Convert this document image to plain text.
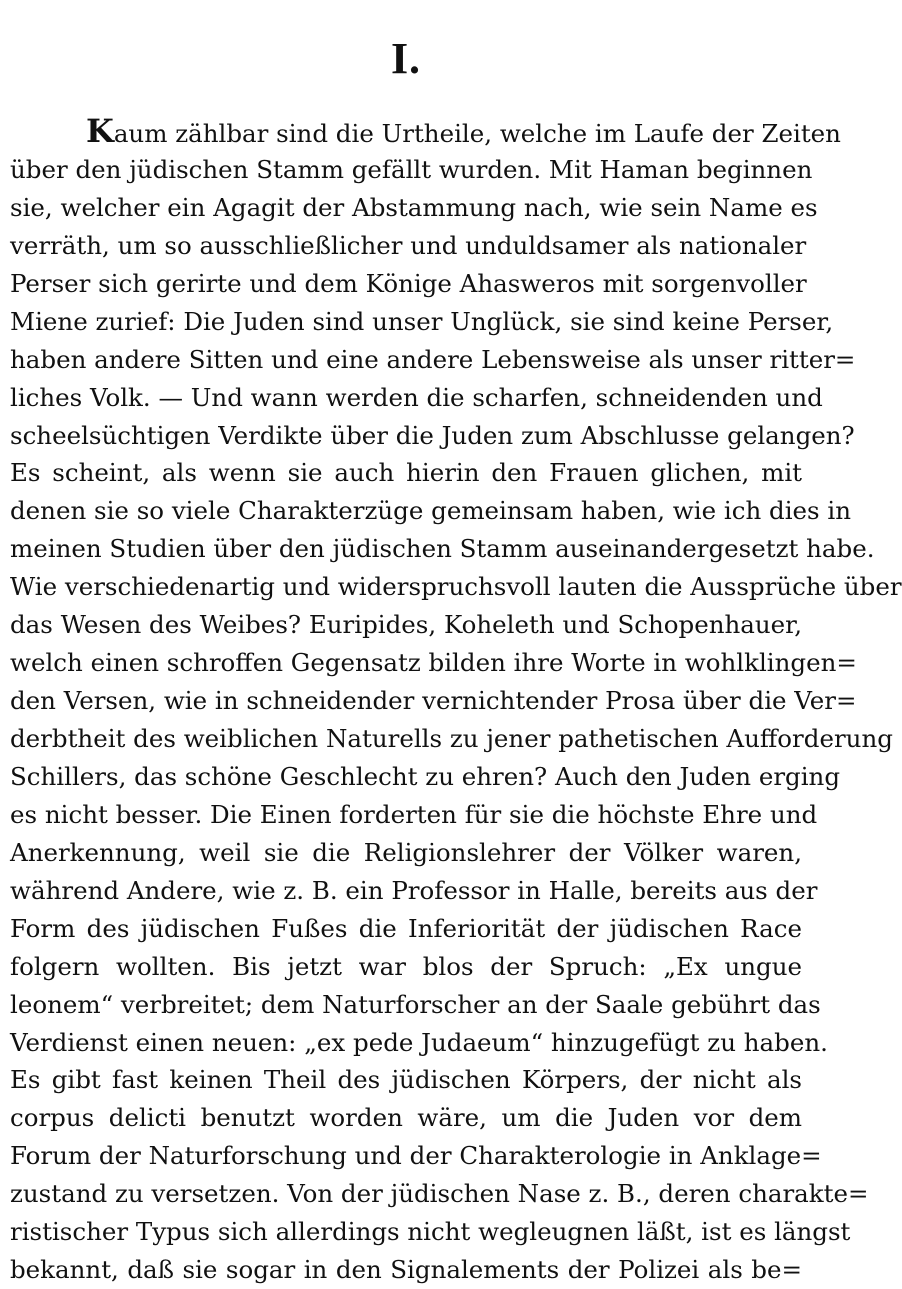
I.
Kaum zählbar sind die Urtheile, welche im Laufe der Zeiten
über den jüdischen Stamm gefällt wurden. Mit Haman beginnen
sie, welcher ein Agagit der Abstammung nach, wie sein Name es
verräth, um so ausschließlicher und unduldsamer als nationaler
Perser sich gerirte und dem Könige Ahasweros mit sorgenvoller
Miene zurief: Die Juden sind unser Unglück, sie sind keine Perser,
haben andere Sitten und eine andere Lebensweise als unser ritter=
liches Volk. — Und wann werden die scharfen, schneidenden und
scheelsüchtigen Verdikte über die Juden zum Abschlusse gelangen?
Es scheint, als wenn sie auch hierin den Frauen glichen, mit
denen sie so viele Charakterzüge gemeinsam haben, wie ich dies in
meinen Studien über den jüdischen Stamm auseinandergesetzt habe.
Wie verschiedenartig und widerspruchsvoll lauten die Aussprüche über
das Wesen des Weibes? Euripides, Koheleth und Schopenhauer,
welch einen schroffen Gegensatz bilden ihre Worte in wohlklingen=
den Versen, wie in schneidender vernichtender Prosa über die Ver=
derbtheit des weiblichen Naturells zu jener pathetischen Aufforderung
Schillers, das schöne Geschlecht zu ehren? Auch den Juden erging
es nicht besser. Die Einen forderten für sie die höchste Ehre und
Anerkennung, weil sie die Religionslehrer der Völker waren,
während Andere, wie z. B. ein Professor in Halle, bereits aus der
Form des jüdischen Fußes die Inferiorität der jüdischen Race
folgern wollten. Bis jetzt war blos der Spruch: „Ex ungue
leonem“ verbreitet; dem Naturforscher an der Saale gebührt das
Verdienst einen neuen: „ex pede Judaeum“ hinzugefügt zu haben.
Es gibt fast keinen Theil des jüdischen Körpers, der nicht als
corpus delicti benutzt worden wäre, um die Juden vor dem
Forum der Naturforschung und der Charakterologie in Anklage=
zustand zu versetzen. Von der jüdischen Nase z. B., deren charakte=
ristischer Typus sich allerdings nicht wegleugnen läßt, ist es längst
bekannt, daß sie sogar in den Signalements der Polizei als be=
